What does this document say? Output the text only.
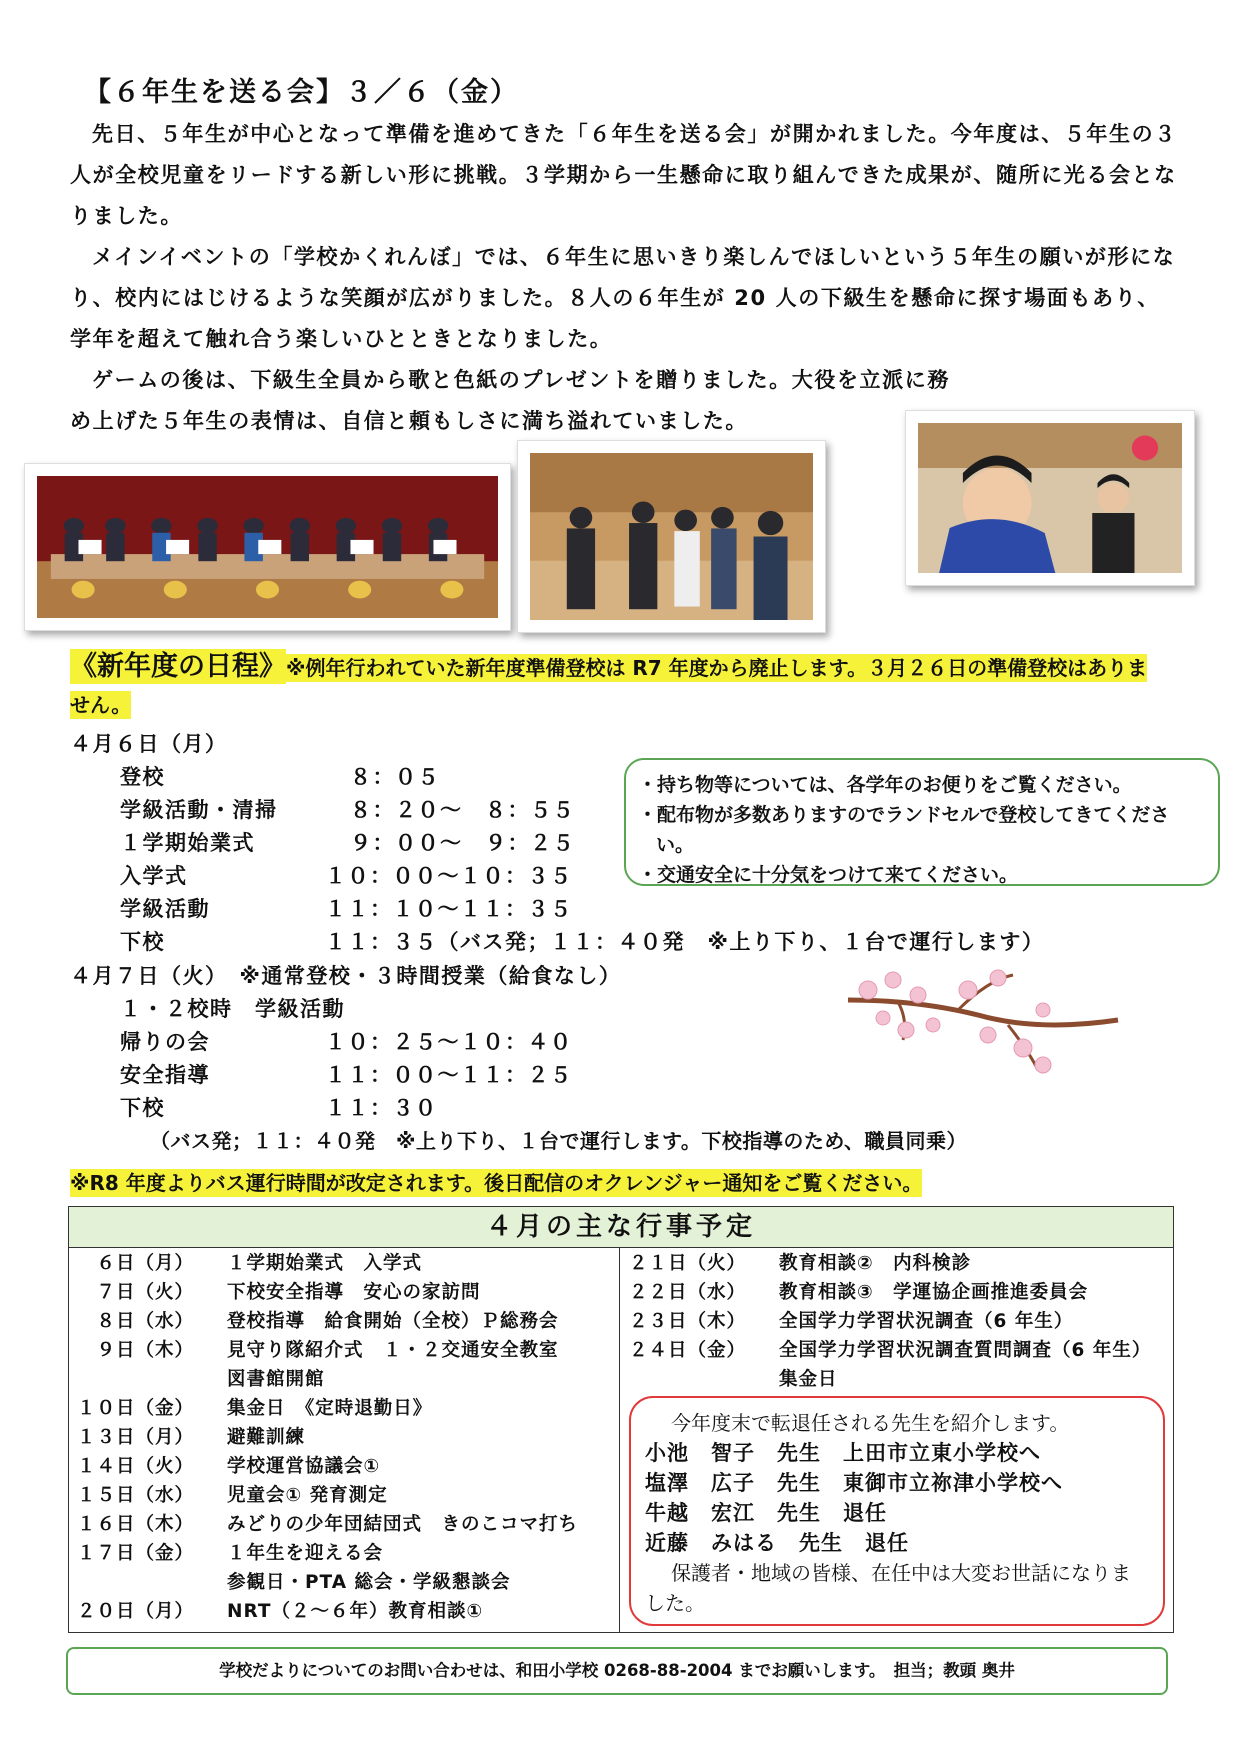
【６年生を送る会】３／６（金）

先日、５年生が中心となって準備を進めてきた「６年生を送る会」が開かれました。今年度は、５年生の３人が全校児童をリードする新しい形に挑戦。３学期から一生懸命に取り組んできた成果が、随所に光る会となりました。

メインイベントの「学校かくれんぼ」では、６年生に思いきり楽しんでほしいという５年生の願いが形になり、校内にはじけるような笑顔が広がりました。８人の６年生が 20 人の下級生を懸命に探す場面もあり、学年を超えて触れ合う楽しいひとときとなりました。

ゲームの後は、下級生全員から歌と色紙のプレゼントを贈りました。大役を立派に務め上げた５年生の表情は、自信と頼もしさに満ち溢れていました。

《新年度の日程》※例年行われていた新年度準備登校は R7 年度から廃止します。３月２６日の準備登校はありません。
４月６日（月）
登校	８：０５
学級活動・清掃	８：２０～　８：５５
１学期始業式	９：００～　９：２５
入学式	１０：００～１０：３５
学級活動	１１：１０～１１：３５
下校	１１：３５（バス発；１１：４０発　※上り下り、１台で運行します）
４月７日（火）　※通常登校・３時間授業（給食なし）
１・２校時　学級活動
帰りの会	１０：２５～１０：４０
安全指導	１１：００～１１：２５
下校	１１：３０
（バス発；１１：４０発　※上り下り、１台で運行します。下校指導のため、職員同乗）
・持ち物等については、各学年のお便りをご覧ください。
・配布物が多数ありますのでランドセルで登校してきてください。
・交通安全に十分気をつけて来てください。
※R8 年度よりバス運行時間が改定されます。後日配信のオクレンジャー通知をご覧ください。
４月の主な行事予定
　６日（月）	１学期始業式　入学式
　７日（火）	下校安全指導　安心の家訪問
　８日（水）	登校指導　給食開始（全校）Ｐ総務会
　９日（木）	見守り隊紹介式　１・２交通安全教室
図書館開館
１０日（金）	集金日　《定時退勤日》
１３日（月）	避難訓練
１４日（火）	学校運営協議会①
１５日（水）	児童会① 発育測定
１６日（木）	みどりの少年団結団式　きのこコマ打ち
１７日（金）	１年生を迎える会
参観日・PTA 総会・学級懇談会
２０日（月）	NRT（２～６年）教育相談①
２１日（火）	教育相談②　内科検診
２２日（水）	教育相談③　学運協企画推進委員会
２３日（木）	全国学力学習状況調査（6 年生）
２４日（金）	全国学力学習状況調査質問調査（6 年生）　集金日
今年度末で転退任される先生を紹介します。
小池　智子　先生　上田市立東小学校へ
塩澤　広子　先生　東御市立祢津小学校へ
牛越　宏江　先生　退任
近藤　みはる　先生　退任
保護者・地域の皆様、在任中は大変お世話になりました。
学校だよりについてのお問い合わせは、和田小学校 0268-88-2004 までお願いします。　担当；教頭 奥井
